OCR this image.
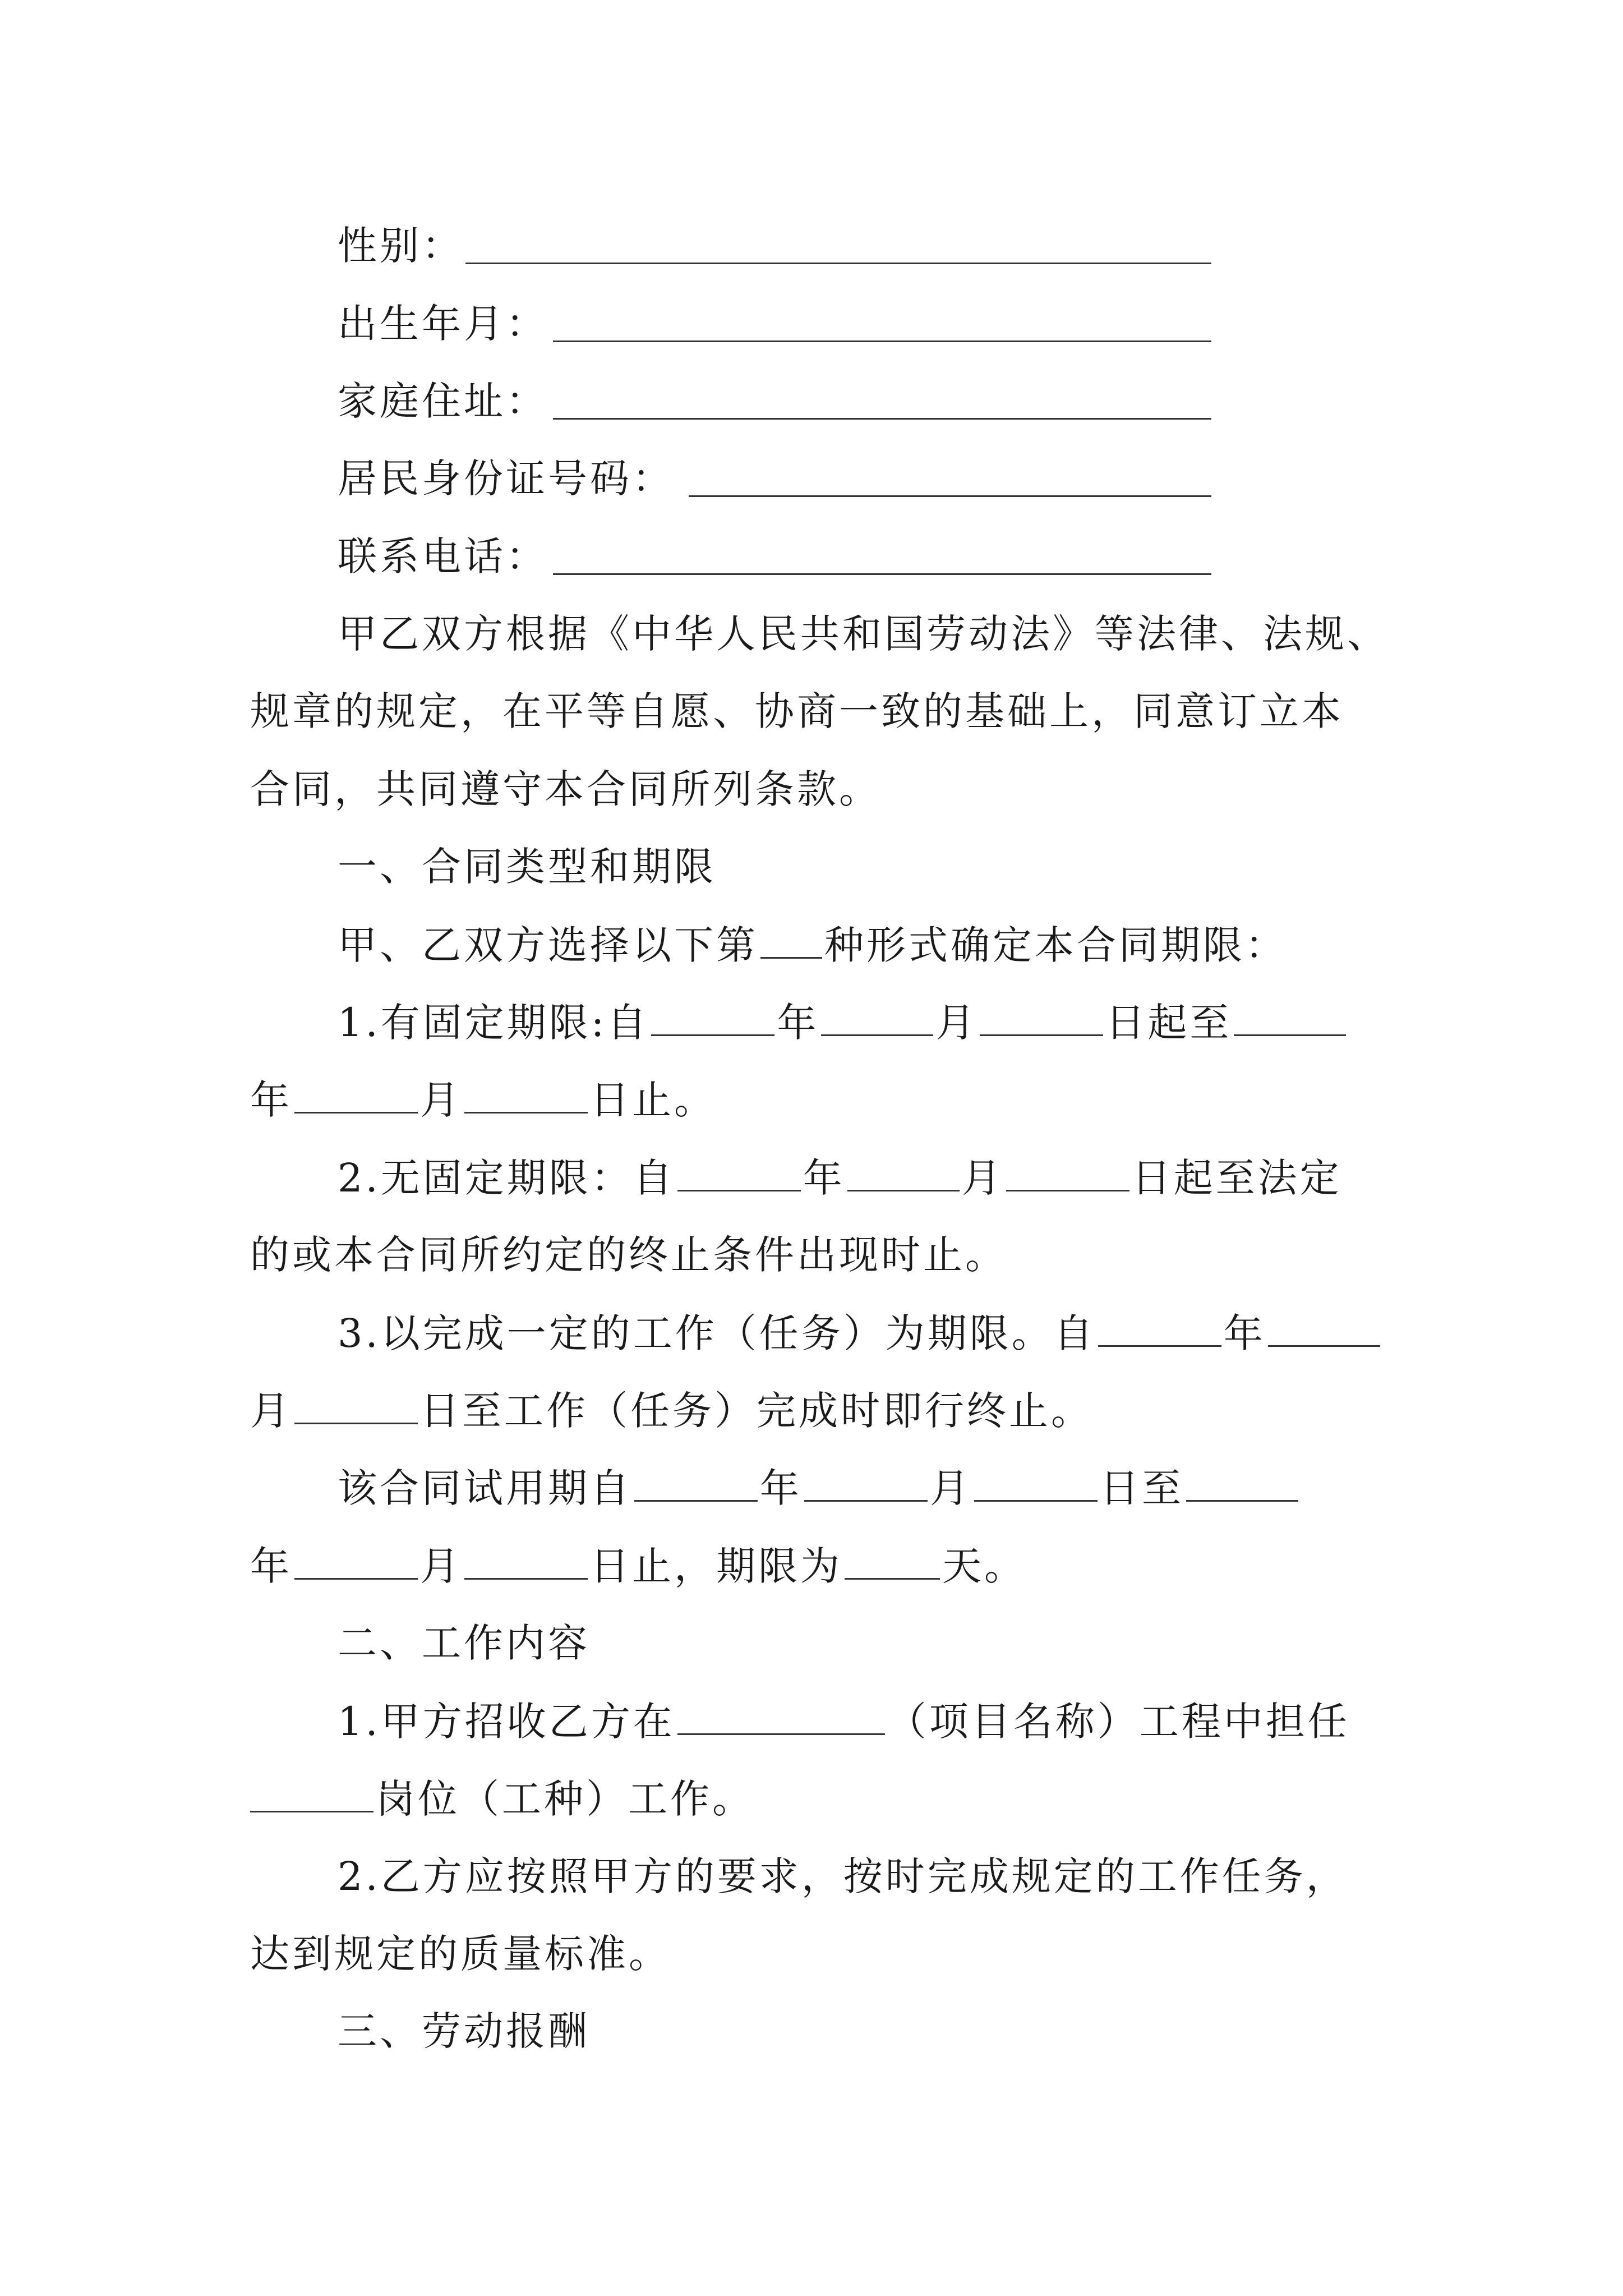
性别：
出生年月：
家庭住址：
居民身份证号码：
联系电话：
甲乙双方根据《中华人民共和国劳动法》等法律、法规、
规章的规定，在平等自愿、协商一致的基础上，同意订立本
合同，共同遵守本合同所列条款。
一、合同类型和期限
甲、乙双方选择以下第 种形式确定本合同期限：
1.有固定期限:自	年	月	日起至
年	月	日止。
2.无固定期限：自	年	月	日起至法定
的或本合同所约定的终止条件出现时止。
3.以完成一定的工作（任务）为期限。自	年
月	日至工作（任务）完成时即行终止。
该合同试用期自	年	月	日至
年	月	日止，期限为	天。
二、工作内容
1.甲方招收乙方在	（项目名称）工程中担任
岗位（工种）工作。
2.乙方应按照甲方的要求，按时完成规定的工作任务，
达到规定的质量标准。
三、劳动报酬
